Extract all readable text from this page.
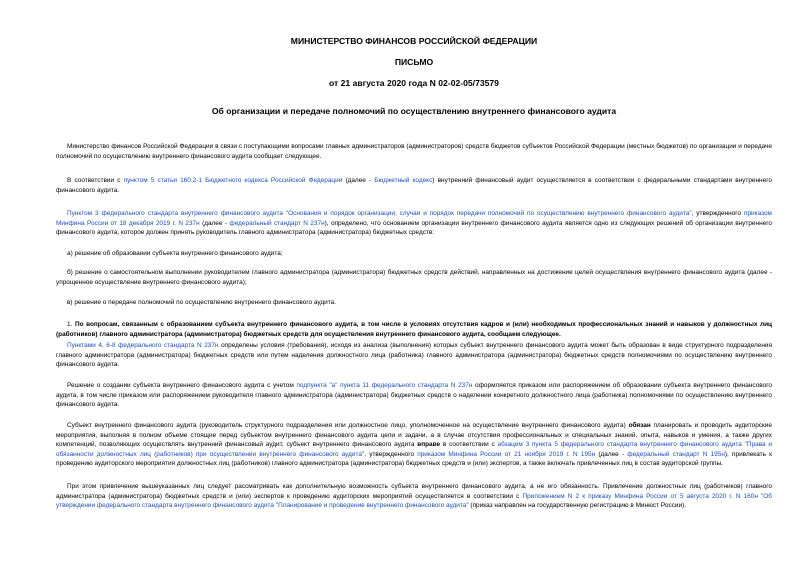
МИНИСТЕРСТВО ФИНАНСОВ РОССИЙСКОЙ ФЕДЕРАЦИИ
ПИСЬМО
от 21 августа 2020 года N 02-02-05/73579
Об организации и передаче полномочий по осуществлению внутреннего финансового аудита

Министерство финансов Российской Федерации в связи с поступающими вопросами главных администраторов (администраторов) средств бюджетов субъектов Российской Федерации (местных бюджетов) по организации и передаче полномочий по осуществлению внутреннего финансового аудита сообщает следующее.

В соответствии с пунктом 5 статьи 160.2-1 Бюджетного кодекса Российской Федерации (далее - Бюджетный кодекс) внутренний финансовый аудит осуществляется в соответствии с федеральными стандартами внутреннего финансового аудита.

Пунктом 3 федерального стандарта внутреннего финансового аудита "Основания и порядок организации, случаи и порядок передачи полномочий по осуществлению внутреннего финансового аудита", утвержденного приказом Минфина России от 18 декабря 2019 г. N 237н (далее - федеральный стандарт N 237н), определено, что основанием организации внутреннего финансового аудита является одно из следующих решений об организации внутреннего финансового аудита, которое должен принять руководитель главного администратора (администратора) бюджетных средств:

а) решение об образовании субъекта внутреннего финансового аудита;

б) решение о самостоятельном выполнении руководителем главного администратора (администратора) бюджетных средств действий, направленных на достижение целей осуществления внутреннего финансового аудита (далее - упрощенное осуществление внутреннего финансового аудита);

в) решение о передаче полномочий по осуществлению внутреннего финансового аудита.

1. По вопросам, связанным с образованием субъекта внутреннего финансового аудита, в том числе в условиях отсутствия кадров и (или) необходимых профессиональных знаний и навыков у должностных лиц (работников) главного администратора (администратора) бюджетных средств для осуществления внутреннего финансового аудита, сообщаем следующее.

Пунктами 4, 6-8 федерального стандарта N 237н определены условия (требования), исходя из анализа (выполнения) которых субъект внутреннего финансового аудита может быть образован в виде структурного подразделения главного администратора (администратора) бюджетных средств или путем наделения должностного лица (работника) главного администратора (администратора) бюджетных средств полномочиями по осуществлению внутреннего финансового аудита.

Решение о создании субъекта внутреннего финансового аудита с учетом подпункта "а" пункта 11 федерального стандарта N 237н оформляется приказом или распоряжением об образовании субъекта внутреннего финансового аудита, в том числе приказом или распоряжением руководителя главного администратора (администратора) бюджетных средств о наделении конкретного должностного лица (работника) полномочиями по осуществлению внутреннего финансового аудита.

Субъект внутреннего финансового аудита (руководитель структурного подразделения или должностное лицо, уполномоченное на осуществление внутреннего финансового аудита) обязан планировать и проводить аудиторские мероприятия, выполняя в полном объеме стоящие перед субъектом внутреннего финансового аудита цели и задачи, а в случае отсутствия профессиональных и специальных знаний, опыта, навыков и умения, а также других компетенций, позволяющих осуществлять внутренний финансовый аудит, субъект внутреннего финансового аудита вправе в соответствии с абзацем 3 пункта 5 федерального стандарта внутреннего финансового аудита "Права и обязанности должностных лиц (работников) при осуществлении внутреннего финансового аудита", утвержденного приказом Минфина России от 21 ноября 2019 г. N 195н (далее - федеральный стандарт N 195н), привлекать к проведению аудиторского мероприятия должностных лиц (работников) главного администратора (администратора) бюджетных средств и (или) экспертов, а также включать привлеченных лиц в состав аудиторской группы.

При этом привлечение вышеуказанных лиц следует рассматривать как дополнительную возможность субъекта внутреннего финансового аудита, а не его обязанность. Привлечение должностных лиц (работников) главного администратора (администратора) бюджетных средств и (или) экспертов к проведению аудиторских мероприятий осуществляется в соответствии с Приложением N 2 к приказу Минфина России от 5 августа 2020 г. N 160н "Об утверждении федерального стандарта внутреннего финансового аудита "Планирование и проведение внутреннего финансового аудита" (приказ направлен на государственную регистрацию в Минюст России).
